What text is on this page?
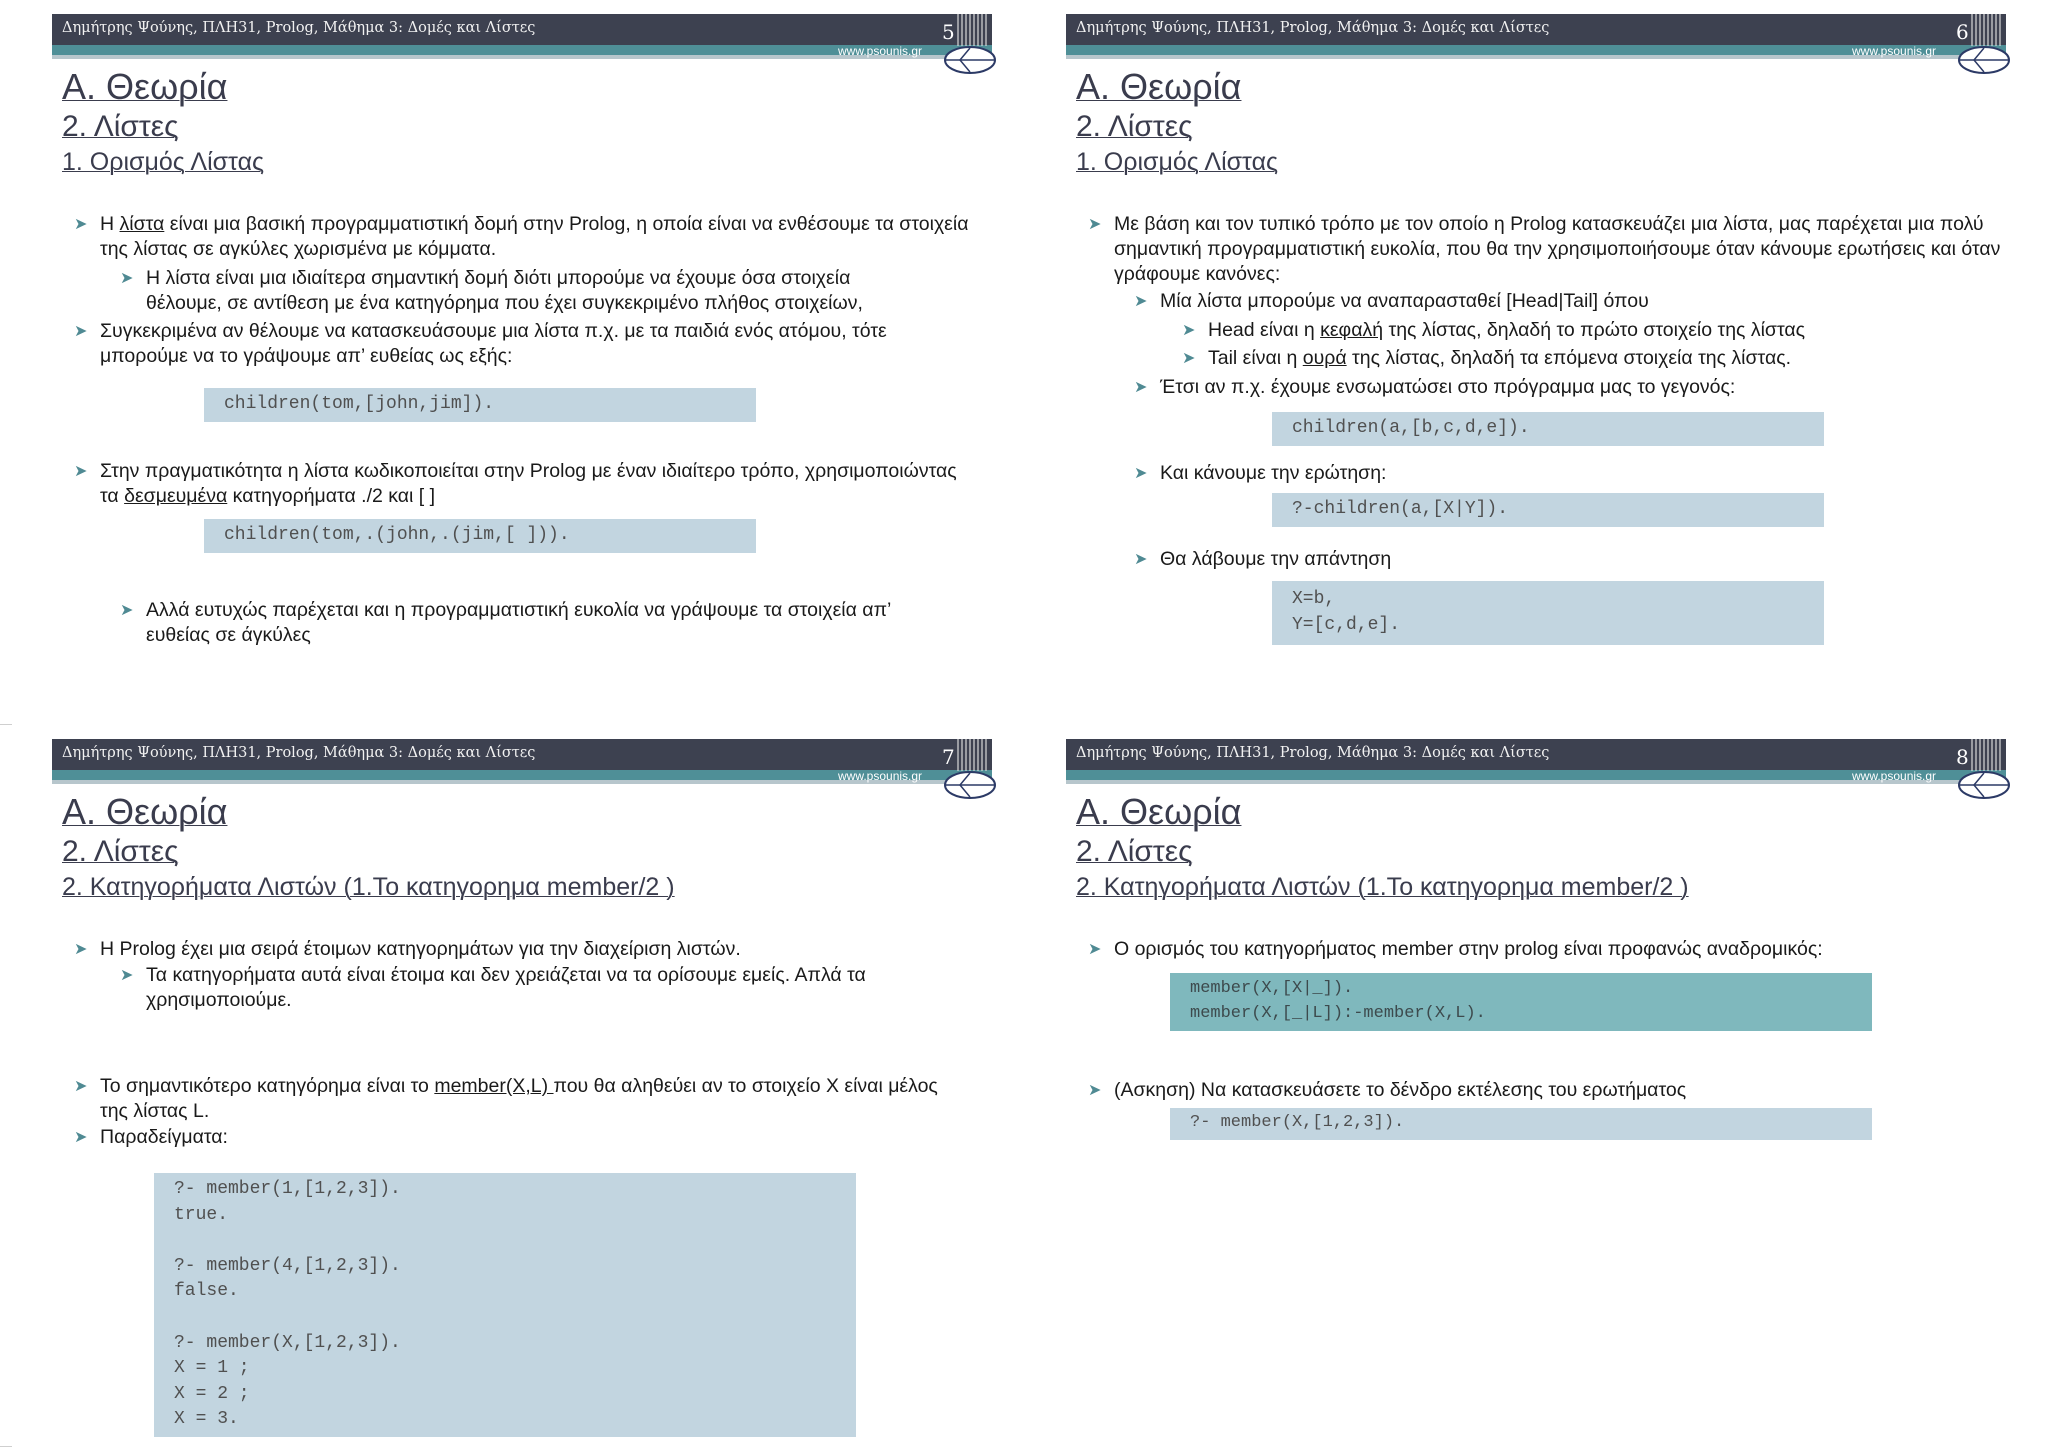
Δημήτρης Ψούνης, ΠΛΗ31, Prolog, Μάθημα 3: Δομές και Λίστες
www.psounis.gr
5
Α. Θεωρία
2. Λίστες
1. Ορισμός Λίστας
➤ Η λίστα είναι μια βασική προγραμματιστική δομή στην Prolog, η οποία είναι να ενθέσουμε τα στοιχεία της λίστας σε αγκύλες χωρισμένα με κόμματα.
➤ Η λίστα είναι μια ιδιαίτερα σημαντική δομή διότι μπορούμε να έχουμε όσα στοιχεία θέλουμε, σε αντίθεση με ένα κατηγόρημα που έχει συγκεκριμένο πλήθος στοιχείων,
➤ Συγκεκριμένα αν θέλουμε να κατασκευάσουμε μια λίστα π.χ. με τα παιδιά ενός ατόμου, τότε μπορούμε να το γράψουμε απ’ ευθείας ως εξής:
children(tom,[john,jim]).
➤ Στην πραγματικότητα η λίστα κωδικοποιείται στην Prolog με έναν ιδιαίτερο τρόπο, χρησιμοποιώντας τα δεσμευμένα κατηγορήματα ./2 και [ ]
children(tom,.(john,.(jim,[ ])).
➤ Αλλά ευτυχώς παρέχεται και η προγραμματιστική ευκολία να γράψουμε τα στοιχεία απ’ ευθείας σε άγκύλες
Δημήτρης Ψούνης, ΠΛΗ31, Prolog, Μάθημα 3: Δομές και Λίστες
www.psounis.gr
6
Α. Θεωρία
2. Λίστες
1. Ορισμός Λίστας
➤ Με βάση και τον τυπικό τρόπο με τον οποίο η Prolog κατασκευάζει μια λίστα, μας παρέχεται μια πολύ σημαντική προγραμματιστική ευκολία, που θα την χρησιμοποιήσουμε όταν κάνουμε ερωτήσεις και όταν γράφουμε κανόνες:
➤ Μία λίστα μπορούμε να αναπαρασταθεί [Head|Tail] όπου
➤ Head είναι η κεφαλή της λίστας, δηλαδή το πρώτο στοιχείο της λίστας
➤ Tail είναι η ουρά της λίστας, δηλαδή τα επόμενα στοιχεία της λίστας.
➤ Έτσι αν π.χ. έχουμε ενσωματώσει στο πρόγραμμα μας το γεγονός:
children(a,[b,c,d,e]).
➤ Και κάνουμε την ερώτηση:
?-children(a,[X|Y]).
➤ Θα λάβουμε την απάντηση
X=b,
Y=[c,d,e].
Δημήτρης Ψούνης, ΠΛΗ31, Prolog, Μάθημα 3: Δομές και Λίστες
www.psounis.gr
7
Α. Θεωρία
2. Λίστες
2. Κατηγορήματα Λιστών (1.Το κατηγορημα member/2 )
➤ Η Prolog έχει μια σειρά έτοιμων κατηγορημάτων για την διαχείριση λιστών.
➤ Τα κατηγορήματα αυτά είναι έτοιμα και δεν χρειάζεται να τα ορίσουμε εμείς. Απλά τα χρησιμοποιούμε.
➤ Το σημαντικότερο κατηγόρημα είναι το member(X,L) που θα αληθεύει αν το στοιχείο X είναι μέλος της λίστας L.
➤ Παραδείγματα:
?- member(1,[1,2,3]).
true.

?- member(4,[1,2,3]).
false.

?- member(X,[1,2,3]).
X = 1 ;
X = 2 ;
X = 3.
Δημήτρης Ψούνης, ΠΛΗ31, Prolog, Μάθημα 3: Δομές και Λίστες
www.psounis.gr
8
Α. Θεωρία
2. Λίστες
2. Κατηγορήματα Λιστών (1.Το κατηγορημα member/2 )
➤ Ο ορισμός του κατηγορήματος member στην prolog είναι προφανώς αναδρομικός:
member(X,[X|_]).
member(X,[_|L]):-member(X,L).
➤ (Ασκηση) Να κατασκευάσετε το δένδρο εκτέλεσης του ερωτήματος
?- member(X,[1,2,3]).
